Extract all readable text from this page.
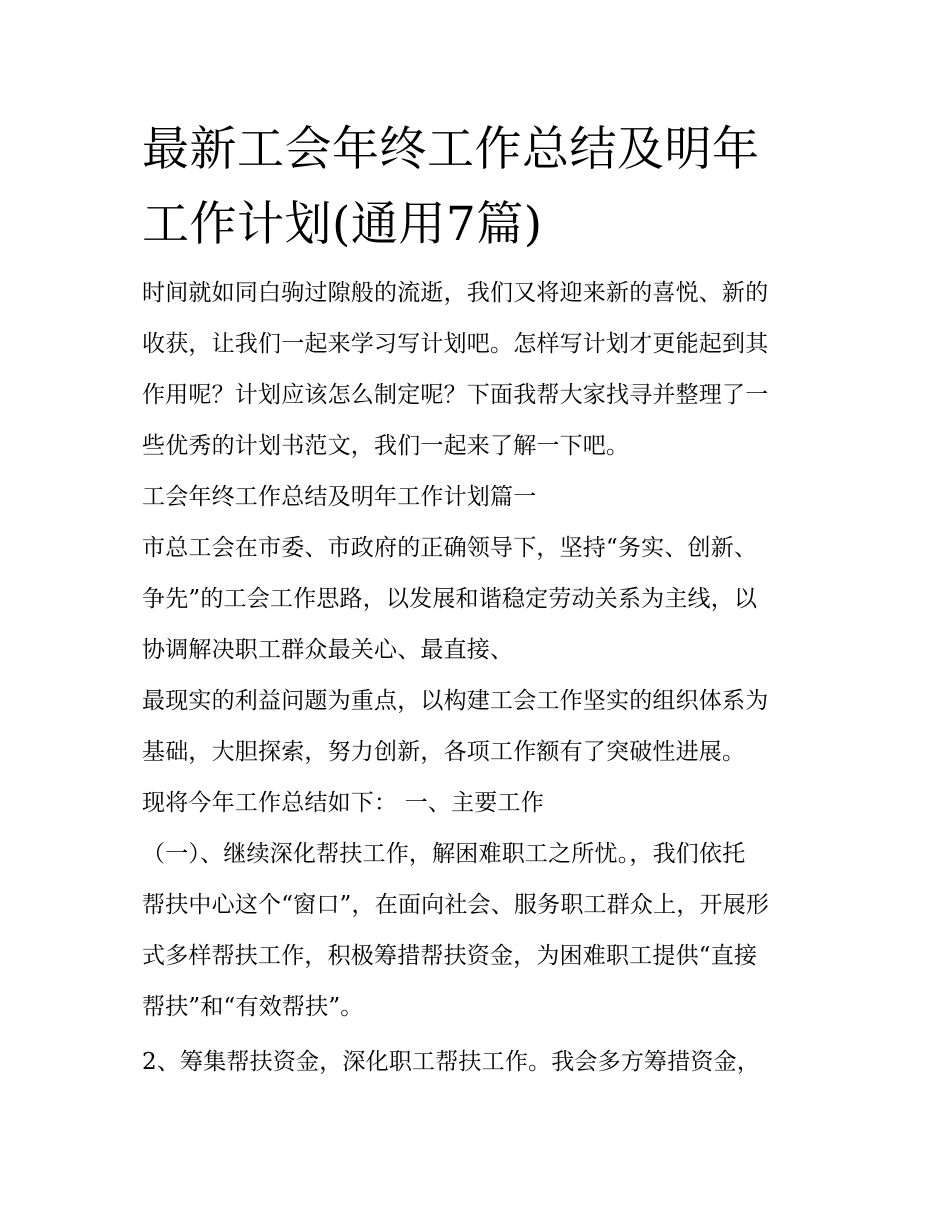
最新工会年终工作总结及明年
工作计划(通用7篇)
时间就如同白驹过隙般的流逝，我们又将迎来新的喜悦、新的
收获，让我们一起来学习写计划吧。怎样写计划才更能起到其
作用呢？计划应该怎么制定呢？下面我帮大家找寻并整理了一
些优秀的计划书范文，我们一起来了解一下吧。
工会年终工作总结及明年工作计划篇一
市总工会在市委、市政府的正确领导下，坚持“务实、创新、
争先”的工会工作思路，以发展和谐稳定劳动关系为主线，以
协调解决职工群众最关心、最直接、
最现实的利益问题为重点，以构建工会工作坚实的组织体系为
基础，大胆探索，努力创新，各项工作额有了突破性进展。
现将今年工作总结如下： 一、主要工作
（一）、继续深化帮扶工作，解困难职工之所忧。，我们依托
帮扶中心这个“窗口”，在面向社会、服务职工群众上，开展形
式多样帮扶工作，积极筹措帮扶资金，为困难职工提供“直接
帮扶”和“有效帮扶”。
2、筹集帮扶资金，深化职工帮扶工作。我会多方筹措资金，
